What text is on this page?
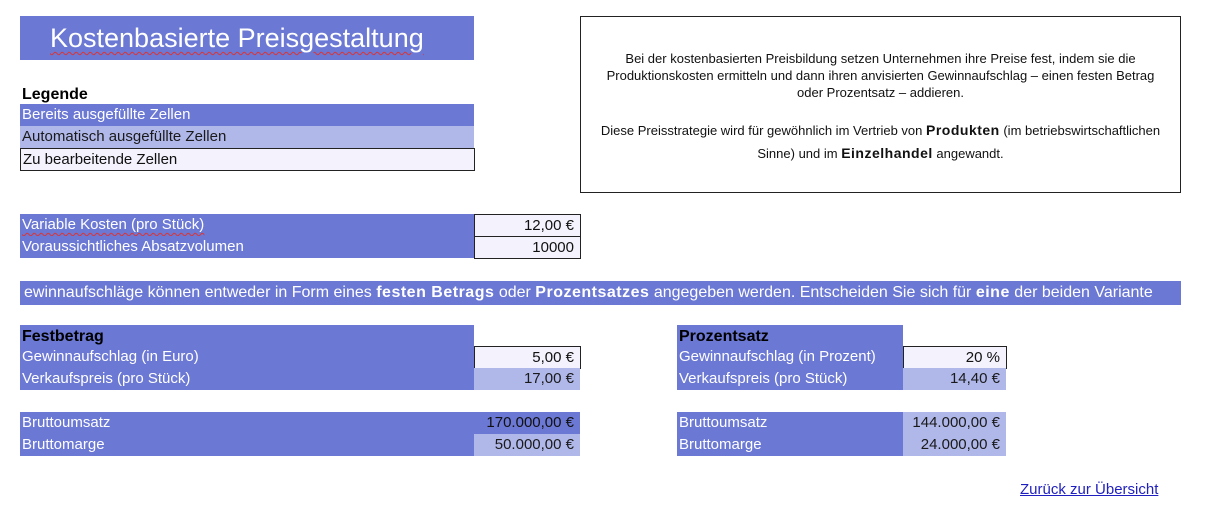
Kostenbasierte Preisgestaltung
Legende
Bereits ausgefüllte Zellen
Automatisch ausgefüllte Zellen
Zu bearbeitende Zellen

Bei der kostenbasierten Preisbildung setzen Unternehmen ihre Preise fest, indem sie die Produktionskosten ermitteln und dann ihren anvisierten Gewinnaufschlag – einen festen Betrag oder Prozentsatz – addieren.

Diese Preisstrategie wird für gewöhnlich im Vertrieb von Produkten (im betriebswirtschaftlichen Sinne) und im Einzelhandel angewandt.

Variable Kosten (pro Stück)	12,00 €
Voraussichtliches Absatzvolumen	10000
ewinnaufschläge können entweder in Form eines festen Betrags oder Prozentsatzes angegeben werden. Entscheiden Sie sich für eine der beiden Variante
Festbetrag
Gewinnaufschlag (in Euro)	5,00 €
Verkaufspreis (pro Stück)	17,00 €
Bruttoumsatz	170.000,00 €
Bruttomarge	50.000,00 €
Prozentsatz
Gewinnaufschlag (in Prozent)	20 %
Verkaufspreis (pro Stück)	14,40 €
Bruttoumsatz	144.000,00 €
Bruttomarge	24.000,00 €
Zurück zur Übersicht
